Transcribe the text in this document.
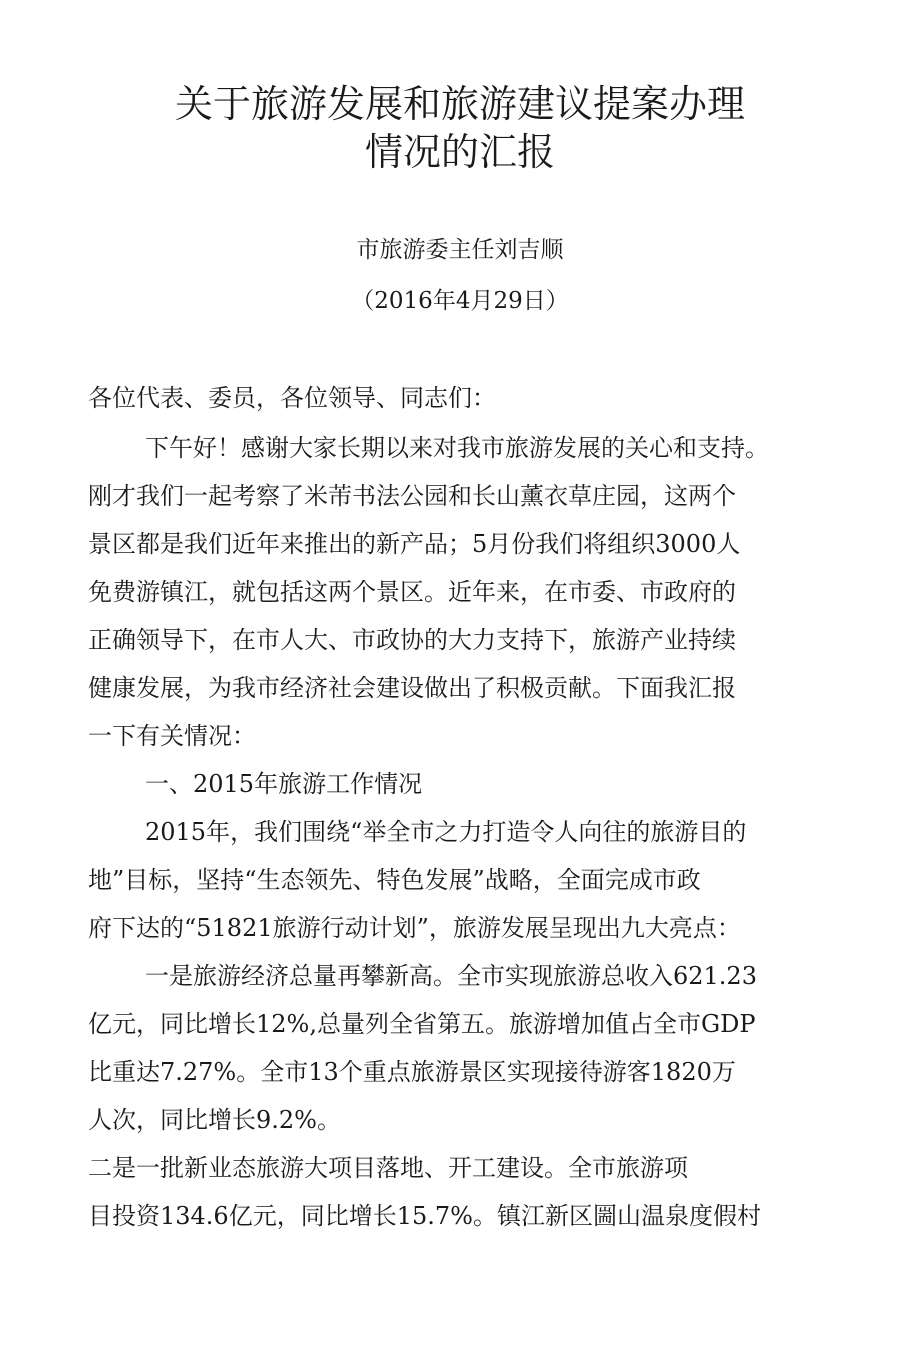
关于旅游发展和旅游建议提案办理
情况的汇报
市旅游委主任刘吉顺
（2016年4月29日）
各位代表、委员，各位领导、同志们：
下午好！感谢大家长期以来对我市旅游发展的关心和支持。
刚才我们一起考察了米芾书法公园和长山薰衣草庄园，这两个
景区都是我们近年来推出的新产品；5月份我们将组织3000人
免费游镇江，就包括这两个景区。近年来，在市委、市政府的
正确领导下，在市人大、市政协的大力支持下，旅游产业持续
健康发展，为我市经济社会建设做出了积极贡献。下面我汇报
一下有关情况：
一、2015年旅游工作情况
2015年，我们围绕“举全市之力打造令人向往的旅游目的
地”目标，坚持“生态领先、特色发展”战略，全面完成市政
府下达的“51821旅游行动计划”，旅游发展呈现出九大亮点：
一是旅游经济总量再攀新高。全市实现旅游总收入621.23
亿元，同比增长12%,总量列全省第五。旅游增加值占全市GDP
比重达7.27%。全市13个重点旅游景区实现接待游客1820万
人次，同比增长9.2%。
二是一批新业态旅游大项目落地、开工建设。全市旅游项
目投资134.6亿元，同比增长15.7%。镇江新区圌山温泉度假村
